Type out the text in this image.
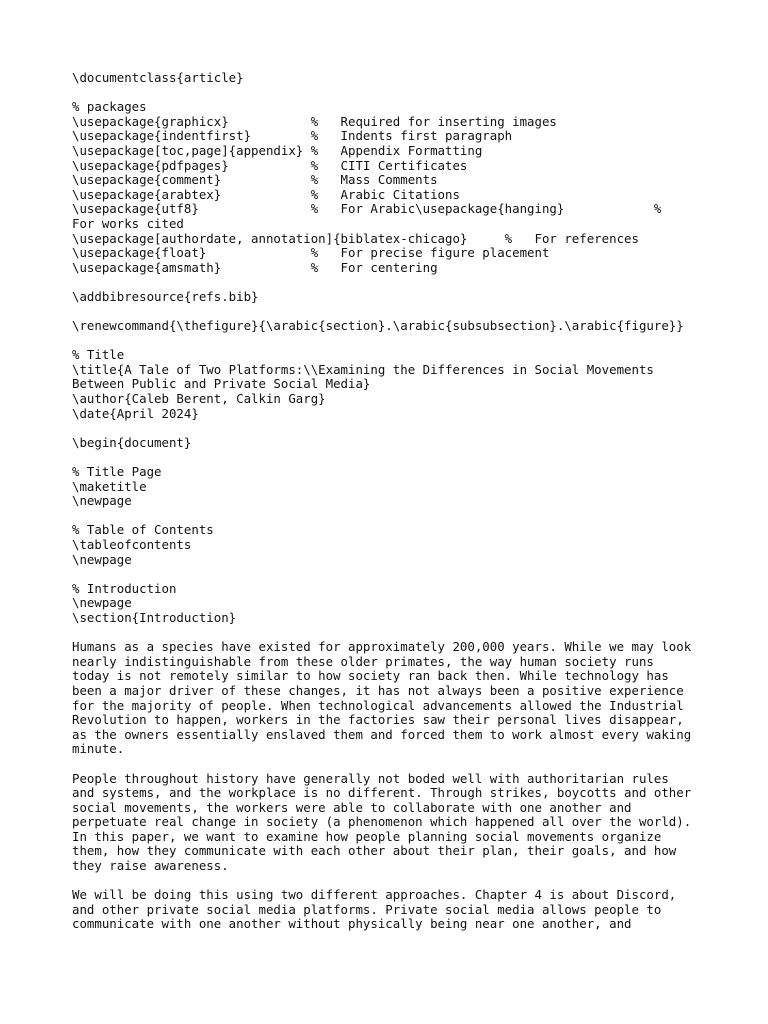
\documentclass{article}
% packages
\usepackage{graphicx}           %   Required for inserting images
\usepackage{indentfirst}        %   Indents first paragraph
\usepackage[toc,page]{appendix} %   Appendix Formatting
\usepackage{pdfpages}           %   CITI Certificates
\usepackage{comment}            %   Mass Comments
\usepackage{arabtex}            %   Arabic Citations
\usepackage{utf8}               %   For Arabic\usepackage{hanging}            %
For works cited
\usepackage[authordate, annotation]{biblatex-chicago}     %   For references
\usepackage{float}              %   For precise figure placement
\usepackage{amsmath}            %   For centering
\addbibresource{refs.bib}
\renewcommand{\thefigure}{\arabic{section}.\arabic{subsubsection}.\arabic{figure}}
% Title
\title{A Tale of Two Platforms:\\Examining the Differences in Social Movements
Between Public and Private Social Media}
\author{Caleb Berent, Calkin Garg}
\date{April 2024}
\begin{document}
% Title Page
\maketitle
\newpage
% Table of Contents
\tableofcontents
\newpage
% Introduction
\newpage
\section{Introduction}
Humans as a species have existed for approximately 200,000 years. While we may look
nearly indistinguishable from these older primates, the way human society runs
today is not remotely similar to how society ran back then. While technology has
been a major driver of these changes, it has not always been a positive experience
for the majority of people. When technological advancements allowed the Industrial
Revolution to happen, workers in the factories saw their personal lives disappear,
as the owners essentially enslaved them and forced them to work almost every waking
minute.
People throughout history have generally not boded well with authoritarian rules
and systems, and the workplace is no different. Through strikes, boycotts and other
social movements, the workers were able to collaborate with one another and
perpetuate real change in society (a phenomenon which happened all over the world).
In this paper, we want to examine how people planning social movements organize
them, how they communicate with each other about their plan, their goals, and how
they raise awareness.
We will be doing this using two different approaches. Chapter 4 is about Discord,
and other private social media platforms. Private social media allows people to
communicate with one another without physically being near one another, and
